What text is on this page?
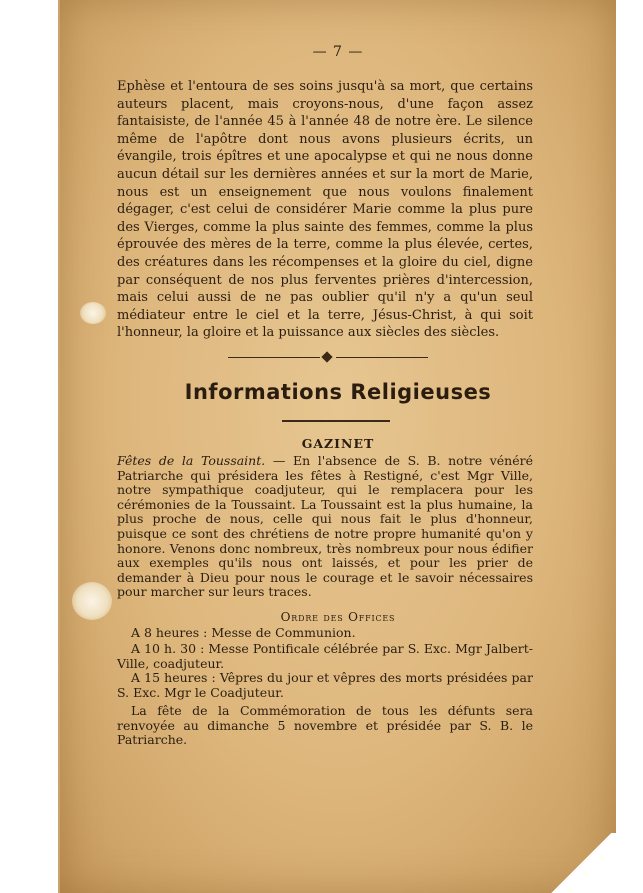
— 7 —

Ephèse et l'entoura de ses soins jusqu'à sa mort, que certains auteurs placent, mais croyons-nous, d'une façon assez fantaisiste, de l'année 45 à l'année 48 de notre ère. Le silence même de l'apôtre dont nous avons plusieurs écrits, un évangile, trois épîtres et une apocalypse et qui ne nous donne aucun détail sur les dernières années et sur la mort de Marie, nous est un enseignement que nous voulons finalement dégager, c'est celui de considérer Marie comme la plus pure des Vierges, comme la plus sainte des femmes, comme la plus éprouvée des mères de la terre, comme la plus élevée, certes, des créatures dans les récompenses et la gloire du ciel, digne par conséquent de nos plus ferventes prières d'intercession, mais celui aussi de ne pas oublier qu'il n'y a qu'un seul médiateur entre le ciel et la terre, Jésus-Christ, à qui soit l'honneur, la gloire et la puissance aux siècles des siècles.

Informations Religieuses
GAZINET

Fêtes de la Toussaint. — En l'absence de S. B. notre vénéré Patriarche qui présidera les fêtes à Restigné, c'est Mgr Ville, notre sympathique coadjuteur, qui le remplacera pour les cérémonies de la Toussaint. La Toussaint est la plus humaine, la plus proche de nous, celle qui nous fait le plus d'honneur, puisque ce sont des chrétiens de notre propre humanité qu'on y honore. Venons donc nombreux, très nombreux pour nous édifier aux exemples qu'ils nous ont laissés, et pour les prier de demander à Dieu pour nous le courage et le savoir nécessaires pour marcher sur leurs traces.

Ordre des Offices

A 8 heures : Messe de Communion.

A 10 h. 30 : Messe Pontificale célébrée par S. Exc. Mgr Jalbert-Ville, coadjuteur.

A 15 heures : Vêpres du jour et vêpres des morts présidées par S. Exc. Mgr le Coadjuteur.

La fête de la Commémoration de tous les défunts sera renvoyée au dimanche 5 novembre et présidée par S. B. le Patriarche.
